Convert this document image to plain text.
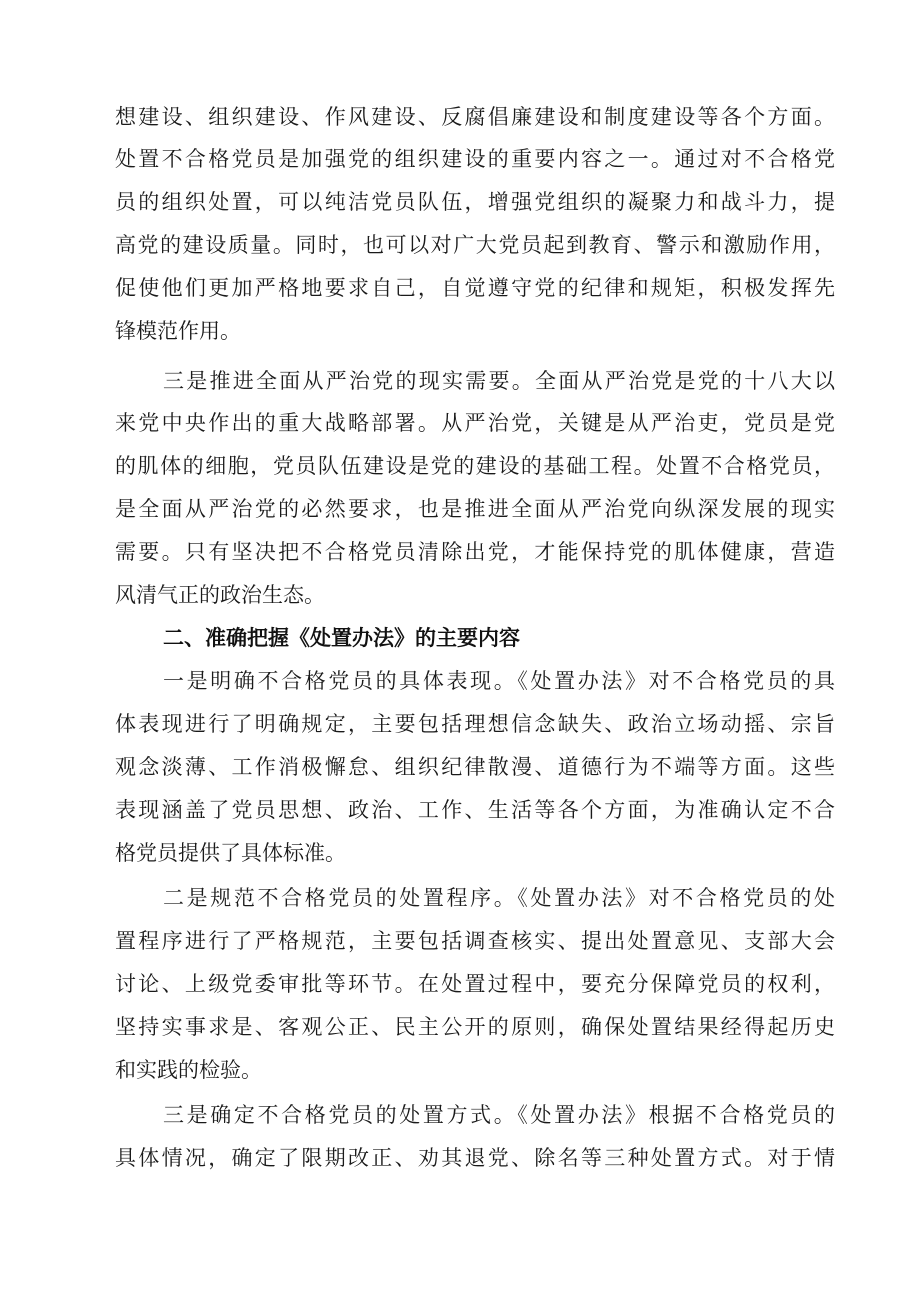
想建设、组织建设、作风建设、反腐倡廉建设和制度建设等各个方面。
处置不合格党员是加强党的组织建设的重要内容之一。通过对不合格党
员的组织处置，可以纯洁党员队伍，增强党组织的凝聚力和战斗力，提
高党的建设质量。同时，也可以对广大党员起到教育、警示和激励作用，
促使他们更加严格地要求自己，自觉遵守党的纪律和规矩，积极发挥先
锋模范作用。
三是推进全面从严治党的现实需要。全面从严治党是党的十八大以
来党中央作出的重大战略部署。从严治党，关键是从严治吏，党员是党
的肌体的细胞，党员队伍建设是党的建设的基础工程。处置不合格党员，
是全面从严治党的必然要求，也是推进全面从严治党向纵深发展的现实
需要。只有坚决把不合格党员清除出党，才能保持党的肌体健康，营造
风清气正的政治生态。
二、准确把握《处置办法》的主要内容
一是明确不合格党员的具体表现。《处置办法》对不合格党员的具
体表现进行了明确规定，主要包括理想信念缺失、政治立场动摇、宗旨
观念淡薄、工作消极懈怠、组织纪律散漫、道德行为不端等方面。这些
表现涵盖了党员思想、政治、工作、生活等各个方面，为准确认定不合
格党员提供了具体标准。
二是规范不合格党员的处置程序。《处置办法》对不合格党员的处
置程序进行了严格规范，主要包括调查核实、提出处置意见、支部大会
讨论、上级党委审批等环节。在处置过程中，要充分保障党员的权利，
坚持实事求是、客观公正、民主公开的原则，确保处置结果经得起历史
和实践的检验。
三是确定不合格党员的处置方式。《处置办法》根据不合格党员的
具体情况，确定了限期改正、劝其退党、除名等三种处置方式。对于情
